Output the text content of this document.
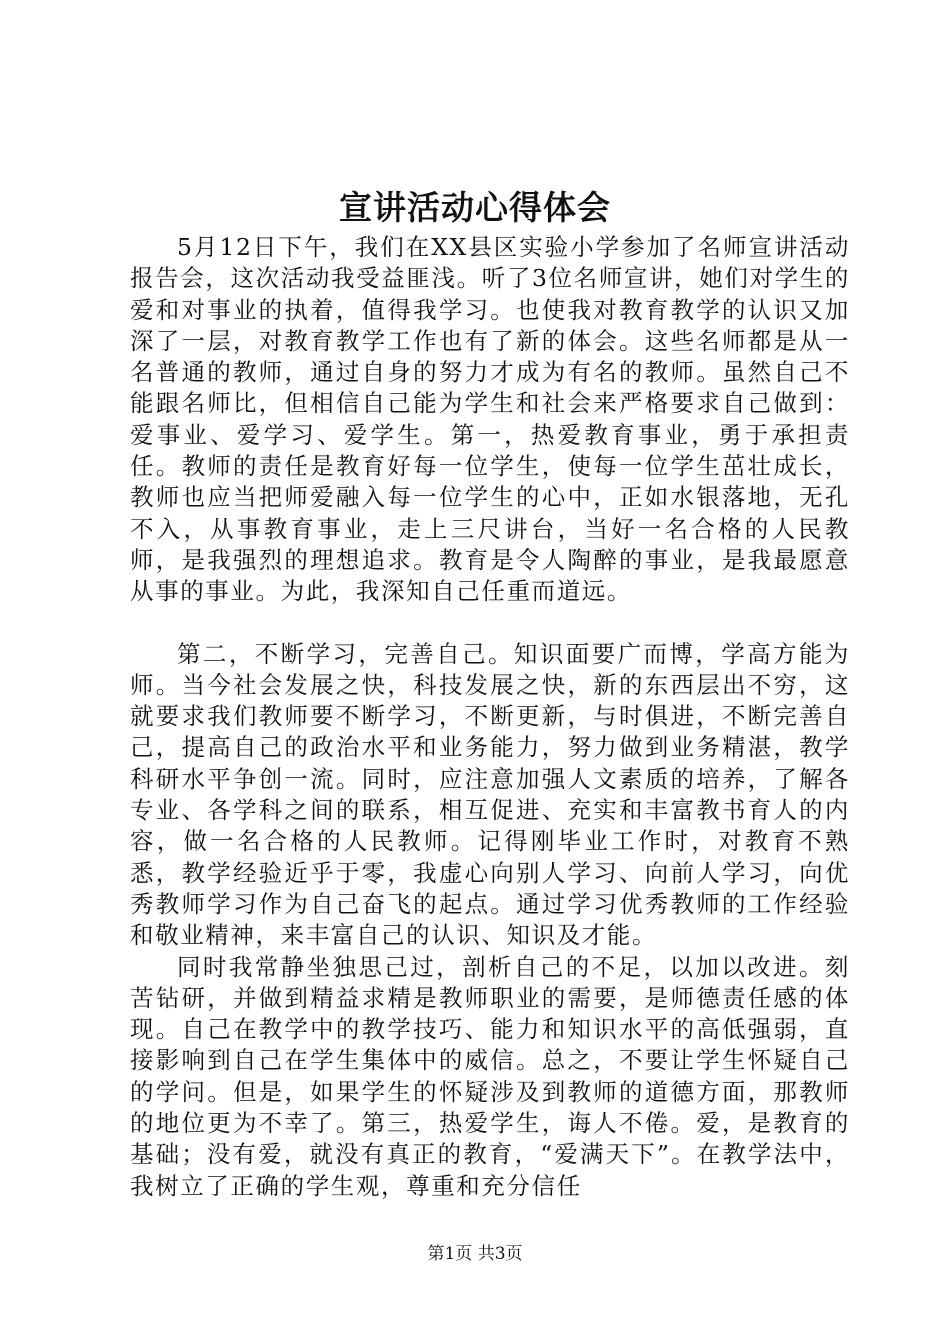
宣讲活动心得体会

5月12日下午，我们在XX县区实验小学参加了名师宣讲活动报告会，这次活动我受益匪浅。听了3位名师宣讲，她们对学生的爱和对事业的执着，值得我学习。也使我对教育教学的认识又加深了一层，对教育教学工作也有了新的体会。这些名师都是从一名普通的教师，通过自身的努力才成为有名的教师。虽然自己不能跟名师比，但相信自己能为学生和社会来严格要求自己做到：爱事业、爱学习、爱学生。第一，热爱教育事业，勇于承担责任。教师的责任是教育好每一位学生，使每一位学生茁壮成长，教师也应当把师爱融入每一位学生的心中，正如水银落地，无孔不入，从事教育事业，走上三尺讲台，当好一名合格的人民教师，是我强烈的理想追求。教育是令人陶醉的事业，是我最愿意从事的事业。为此，我深知自己任重而道远。

第二，不断学习，完善自己。知识面要广而博，学高方能为师。当今社会发展之快，科技发展之快，新的东西层出不穷，这就要求我们教师要不断学习，不断更新，与时俱进，不断完善自己，提高自己的政治水平和业务能力，努力做到业务精湛，教学科研水平争创一流。同时，应注意加强人文素质的培养，了解各专业、各学科之间的联系，相互促进、充实和丰富教书育人的内容，做一名合格的人民教师。记得刚毕业工作时，对教育不熟悉，教学经验近乎于零，我虚心向别人学习、向前人学习，向优秀教师学习作为自己奋飞的起点。通过学习优秀教师的工作经验和敬业精神，来丰富自己的认识、知识及才能。

同时我常静坐独思己过，剖析自己的不足，以加以改进。刻苦钻研，并做到精益求精是教师职业的需要，是师德责任感的体现。自己在教学中的教学技巧、能力和知识水平的高低强弱，直接影响到自己在学生集体中的威信。总之，不要让学生怀疑自己的学问。但是，如果学生的怀疑涉及到教师的道德方面，那教师的地位更为不幸了。第三，热爱学生，诲人不倦。爱，是教育的基础；没有爱，就没有真正的教育，“爱满天下”。在教学法中，我树立了正确的学生观，尊重和充分信任

第1页 共3页
